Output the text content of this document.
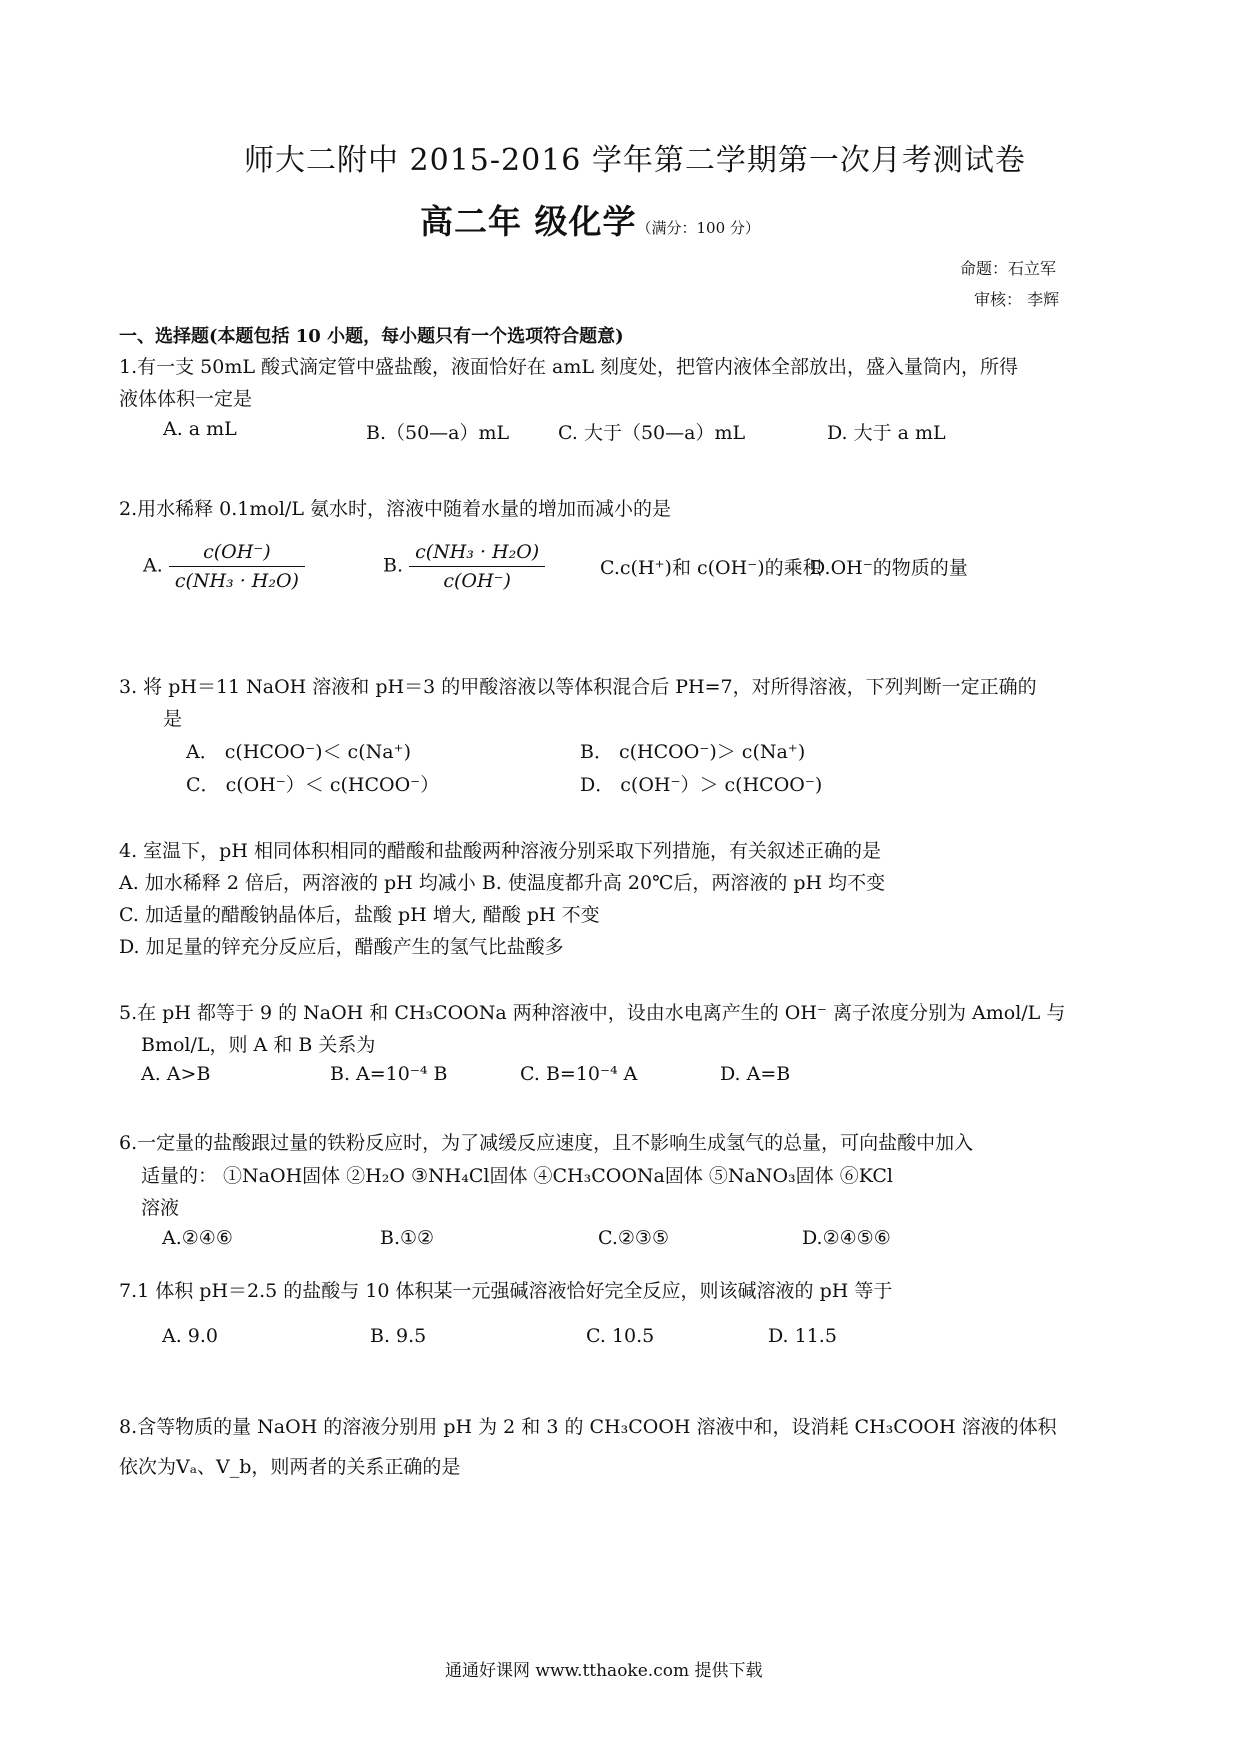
师大二附中 2015-2016 学年第二学期第一次月考测试卷
高二年 级化学（满分：100 分）
命题：石立军
审核： 李辉
一、选择题(本题包括 10 小题，每小题只有一个选项符合题意)
1.有一支 50mL 酸式滴定管中盛盐酸，液面恰好在 amL 刻度处，把管内液体全部放出，盛入量筒内，所得
液体体积一定是
A. a mL	B.（50—a）mL	C. 大于（50—a）mL	D. 大于 a mL
2.用水稀释 0.1mol/L 氨水时，溶液中随着水量的增加而减小的是
A. $\frac{c(OH^-)}{\text{c(NH₃ · H₂O)}}$	B. $\frac{\text{c(NH₃ · H₂O)}}{c(OH^-)}$	C.c(H⁺)和 c(OH⁻)的乘积
D.OH⁻的物质的量
3. 将 pH＝11 NaOH 溶液和 pH＝3 的甲酸溶液以等体积混合后 PH=7，对所得溶液，下列判断一定正确的
是
A． c(HCOO⁻)＜ c(Na⁺)	B． c(HCOO⁻)＞ c(Na⁺)
C． c(OH⁻）＜ c(HCOO⁻）	D． c(OH⁻）＞ c(HCOO⁻)
4. 室温下，pH 相同体积相同的醋酸和盐酸两种溶液分别采取下列措施，有关叙述正确的是
A. 加水稀释 2 倍后，两溶液的 pH 均减小 B. 使温度都升高 20℃后，两溶液的 pH 均不变
C. 加适量的醋酸钠晶体后，盐酸 pH 增大, 醋酸 pH 不变
D. 加足量的锌充分反应后，醋酸产生的氢气比盐酸多
5.在 pH 都等于 9 的 NaOH 和 CH₃COONa 两种溶液中，设由水电离产生的 OH⁻ 离子浓度分别为 Amol/L 与
Bmol/L，则 A 和 B 关系为
A. A>B	B. A=10⁻⁴ B	C. B=10⁻⁴ A	D. A=B
6.一定量的盐酸跟过量的铁粉反应时，为了减缓反应速度，且不影响生成氢气的总量，可向盐酸中加入
适量的： ①NaOH固体 ②H₂O ③NH₄Cl固体 ④CH₃COONa固体 ⑤NaNO₃固体 ⑥KCl
溶液
A.②④⑥	B.①②	C.②③⑤	D.②④⑤⑥
7.1 体积 pH＝2.5 的盐酸与 10 体积某一元强碱溶液恰好完全反应，则该碱溶液的 pH 等于
A. 9.0	B. 9.5	C. 10.5	D. 11.5
8.含等物质的量 NaOH 的溶液分别用 pH 为 2 和 3 的 CH₃COOH 溶液中和，设消耗 CH₃COOH 溶液的体积
依次为Vₐ、V_b，则两者的关系正确的是
通通好课网 www.tthaoke.com 提供下载
